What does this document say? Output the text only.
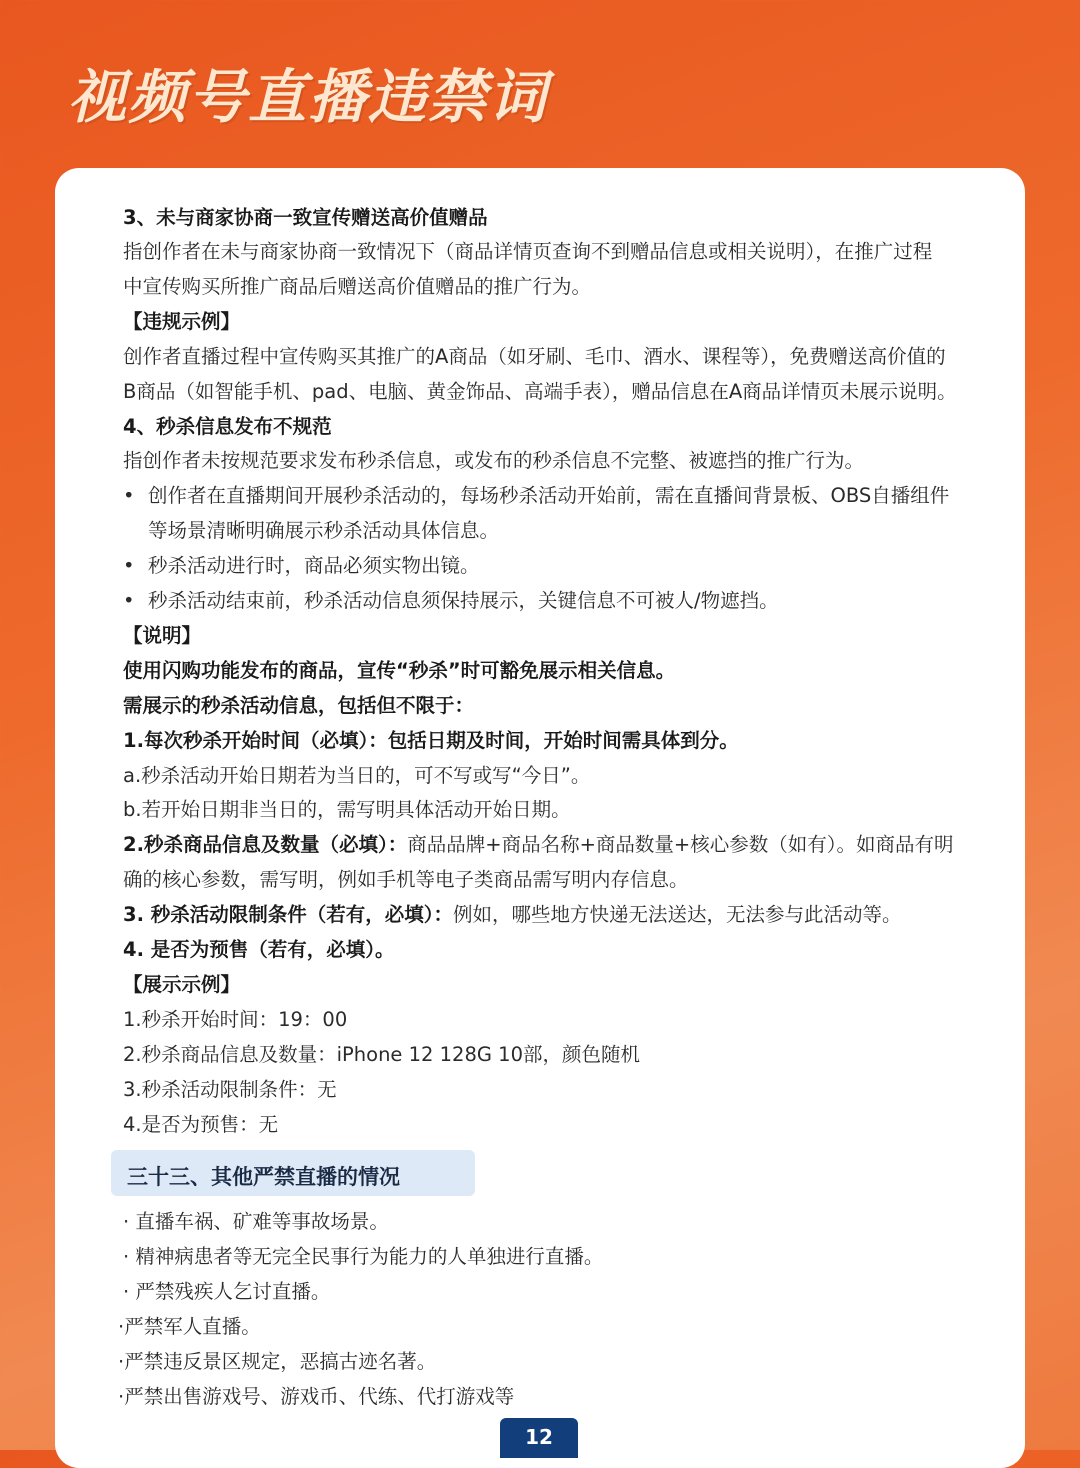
视频号直播违禁词
3、未与商家协商一致宣传赠送高价值赠品
指创作者在未与商家协商一致情况下（商品详情页查询不到赠品信息或相关说明），在推广过程
中宣传购买所推广商品后赠送高价值赠品的推广行为。
【违规示例】
创作者直播过程中宣传购买其推广的A商品（如牙刷、毛巾、酒水、课程等），免费赠送高价值的
B商品（如智能手机、pad、电脑、黄金饰品、高端手表），赠品信息在A商品详情页未展示说明。
4、秒杀信息发布不规范
指创作者未按规范要求发布秒杀信息，或发布的秒杀信息不完整、被遮挡的推广行为。
• 创作者在直播期间开展秒杀活动的，每场秒杀活动开始前，需在直播间背景板、OBS自播组件
等场景清晰明确展示秒杀活动具体信息。
• 秒杀活动进行时，商品必须实物出镜。
• 秒杀活动结束前，秒杀活动信息须保持展示，关键信息不可被人/物遮挡。
【说明】
使用闪购功能发布的商品，宣传“秒杀”时可豁免展示相关信息。
需展示的秒杀活动信息，包括但不限于：
1.每次秒杀开始时间（必填）：包括日期及时间，开始时间需具体到分。
a.秒杀活动开始日期若为当日的，可不写或写“今日”。
b.若开始日期非当日的，需写明具体活动开始日期。
2.秒杀商品信息及数量（必填）：商品品牌+商品名称+商品数量+核心参数（如有）。如商品有明
确的核心参数，需写明，例如手机等电子类商品需写明内存信息。
3. 秒杀活动限制条件（若有，必填）：例如，哪些地方快递无法送达，无法参与此活动等。
4. 是否为预售（若有，必填）。
【展示示例】
1.秒杀开始时间：19：00
2.秒杀商品信息及数量：iPhone 12 128G 10部，颜色随机
3.秒杀活动限制条件：无
4.是否为预售：无
· 直播车祸、矿难等事故场景。
· 精神病患者等无完全民事行为能力的人单独进行直播。
· 严禁残疾人乞讨直播。
·严禁军人直播。
·严禁违反景区规定，恶搞古迹名著。
·严禁出售游戏号、游戏币、代练、代打游戏等
三十三、其他严禁直播的情况
12
